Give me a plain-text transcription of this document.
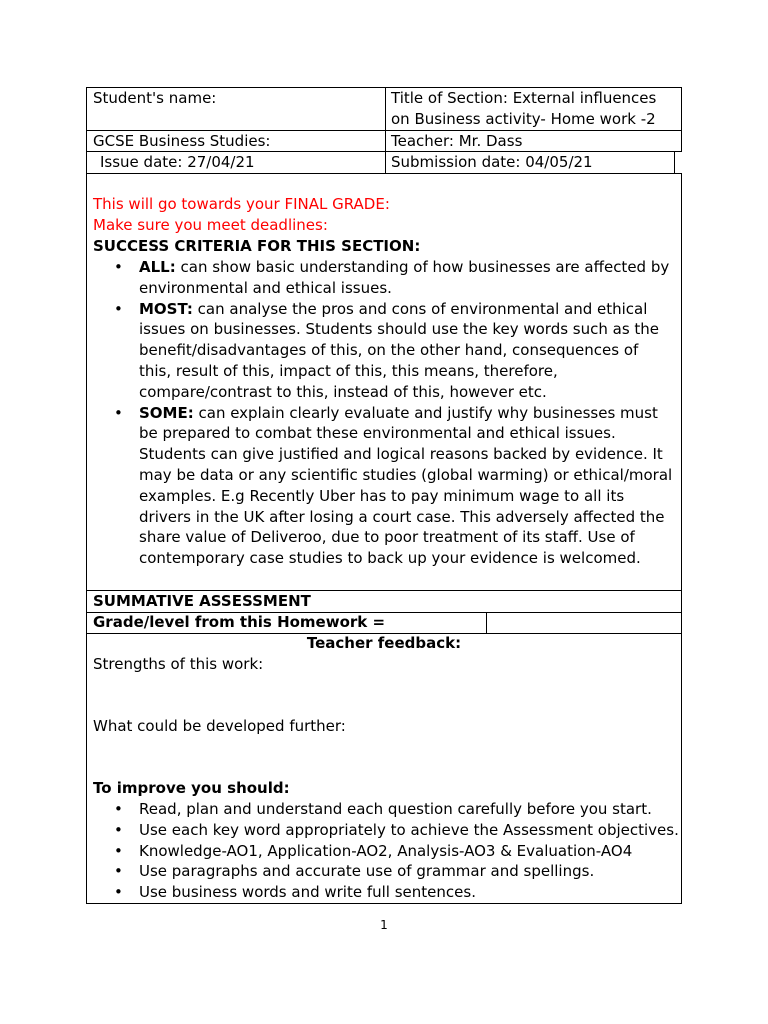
Student's name:	Title of Section: External influences
on Business activity- Home work -2
GCSE Business Studies:	Teacher: Mr. Dass
Issue date: 27/04/21	Submission date: 04/05/21
This will go towards your FINAL GRADE:
Make sure you meet deadlines:
SUCCESS CRITERIA FOR THIS SECTION:
• ALL: can show basic understanding of how businesses are affected by environmental and ethical issues.
• MOST: can analyse the pros and cons of environmental and ethical issues on businesses. Students should use the key words such as the benefit/disadvantages of this, on the other hand, consequences of this, result of this, impact of this, this means, therefore, compare/contrast to this, instead of this, however etc.
• SOME: can explain clearly evaluate and justify why businesses must be prepared to combat these environmental and ethical issues. Students can give justified and logical reasons backed by evidence. It may be data or any scientific studies (global warming) or ethical/moral examples. E.g Recently Uber has to pay minimum wage to all its drivers in the UK after losing a court case. This adversely affected the share value of Deliveroo, due to poor treatment of its staff. Use of contemporary case studies to back up your evidence is welcomed.
SUMMATIVE ASSESSMENT
Grade/level from this Homework =
Teacher feedback:
Strengths of this work:
What could be developed further:
To improve you should:
• Read, plan and understand each question carefully before you start.
• Use each key word appropriately to achieve the Assessment objectives.
• Knowledge-AO1, Application-AO2, Analysis-AO3 & Evaluation-AO4
• Use paragraphs and accurate use of grammar and spellings.
• Use business words and write full sentences.
1
